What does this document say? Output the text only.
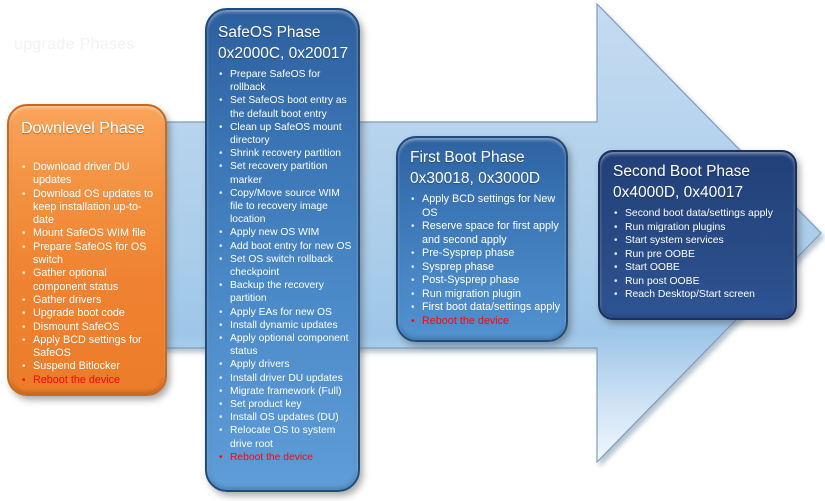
upgrade Phases
Downlevel Phase
• Download driver DU updates
• Download OS updates to keep installation up-to-date
• Mount SafeOS WIM file
• Prepare SafeOS for OS switch
• Gather optional component status
• Gather drivers
• Upgrade boot code
• Dismount SafeOS
• Apply BCD settings for SafeOS
• Suspend Bitlocker
• Reboot the device
SafeOS Phase
0x2000C, 0x20017
• Prepare SafeOS for rollback
• Set SafeOS boot entry as the default boot entry
• Clean up SafeOS mount directory
• Shrink recovery partition
• Set recovery partition marker
• Copy/Move source WIM file to recovery image location
• Apply new OS WIM
• Add boot entry for new OS
• Set OS switch rollback checkpoint
• Backup the recovery partition
• Apply EAs for new OS
• Install dynamic updates
• Apply optional component status
• Apply drivers
• Install driver DU updates
• Migrate framework (Full)
• Set product key
• Install OS updates (DU)
• Relocate OS to system drive root
• Reboot the device
First Boot Phase
0x30018, 0x3000D
• Apply BCD settings for New OS
• Reserve space for first apply and second apply
• Pre-Sysprep phase
• Sysprep phase
• Post-Sysprep phase
• Run migration plugin
• First boot data/settings apply
• Reboot the device
Second Boot Phase
0x4000D, 0x40017
• Second boot data/settings apply
• Run migration plugins
• Start system services
• Run pre OOBE
• Start OOBE
• Run post OOBE
• Reach Desktop/Start screen
